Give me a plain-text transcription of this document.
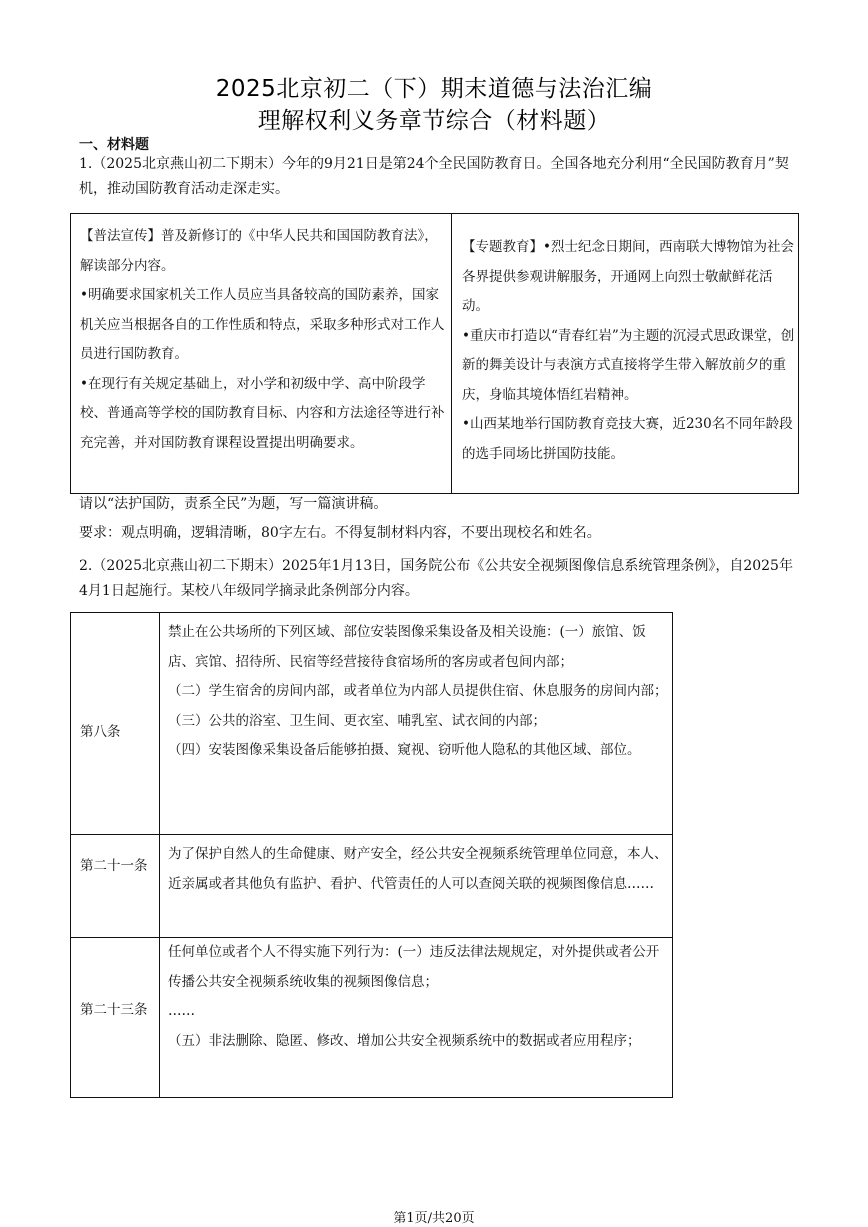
2025北京初二（下）期末道德与法治汇编
理解权利义务章节综合（材料题）
一、材料题
1.（2025北京燕山初二下期末）今年的9月21日是第24个全民国防教育日。全国各地充分利用“全民国防教育月”契机，推动国防教育活动走深走实。
【普法宣传】普及新修订的《中华人民共和国国防教育法》，解读部分内容。
•明确要求国家机关工作人员应当具备较高的国防素养，国家机关应当根据各自的工作性质和特点，采取多种形式对工作人员进行国防教育。
•在现行有关规定基础上，对小学和初级中学、高中阶段学校、普通高等学校的国防教育目标、内容和方法途径等进行补充完善，并对国防教育课程设置提出明确要求。
【专题教育】•烈士纪念日期间，西南联大博物馆为社会各界提供参观讲解服务，开通网上向烈士敬献鲜花活动。
•重庆市打造以“青春红岩”为主题的沉浸式思政课堂，创新的舞美设计与表演方式直接将学生带入解放前夕的重庆，身临其境体悟红岩精神。
•山西某地举行国防教育竞技大赛，近230名不同年龄段的选手同场比拼国防技能。
请以“法护国防，责系全民”为题，写一篇演讲稿。
要求：观点明确，逻辑清晰，80字左右。不得复制材料内容，不要出现校名和姓名。
2.（2025北京燕山初二下期末）2025年1月13日，国务院公布《公共安全视频图像信息系统管理条例》，自2025年4月1日起施行。某校八年级同学摘录此条例部分内容。
第八条
禁止在公共场所的下列区域、部位安装图像采集设备及相关设施：(一）旅馆、饭店、宾馆、招待所、民宿等经营接待食宿场所的客房或者包间内部；
（二）学生宿舍的房间内部，或者单位为内部人员提供住宿、休息服务的房间内部；
（三）公共的浴室、卫生间、更衣室、哺乳室、试衣间的内部；
（四）安装图像采集设备后能够拍摄、窥视、窃听他人隐私的其他区域、部位。
第二十一条
为了保护自然人的生命健康、财产安全，经公共安全视频系统管理单位同意，本人、近亲属或者其他负有监护、看护、代管责任的人可以查阅关联的视频图像信息……
第二十三条
任何单位或者个人不得实施下列行为：(一）违反法律法规规定，对外提供或者公开传播公共安全视频系统收集的视频图像信息；
……
（五）非法删除、隐匿、修改、增加公共安全视频系统中的数据或者应用程序；
第1页/共20页
